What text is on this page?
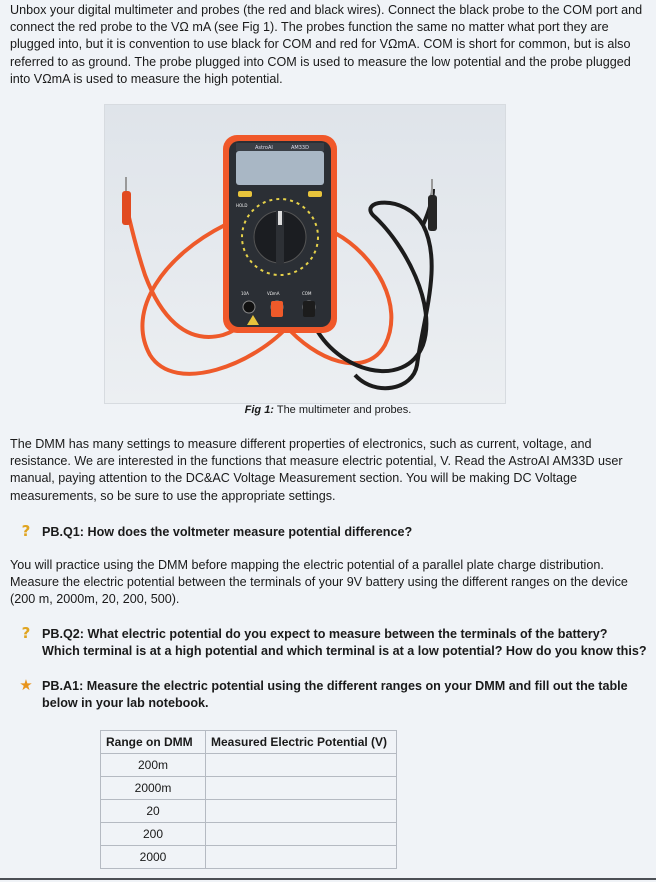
Unbox your digital multimeter and probes (the red and black wires). Connect the black probe to the COM port and connect the red probe to the VΩ mA (see Fig 1). The probes function the same no matter what port they are plugged into, but it is convention to use black for COM and red for VΩmA. COM is short for common, but is also referred to as ground. The probe plugged into COM is used to measure the low potential and the probe plugged into VΩmA is used to measure the high potential.

AstroAI	AM33D
HOLD
10A	VΩmA	COM
Fig 1: The multimeter and probes.

The DMM has many settings to measure different properties of electronics, such as current, voltage, and resistance. We are interested in the functions that measure electric potential, V. Read the AstroAI AM33D user manual, paying attention to the DC&AC Voltage Measurement section. You will be making DC Voltage measurements, so be sure to use the appropriate settings.

? PB.Q1: How does the voltmeter measure potential difference?

You will practice using the DMM before mapping the electric potential of a parallel plate charge distribution. Measure the electric potential between the terminals of your 9V battery using the different ranges on the device (200 m, 2000m, 20, 200, 500).

? PB.Q2: What electric potential do you expect to measure between the terminals of the battery? Which terminal is at a high potential and which terminal is at a low potential? How do you know this?
★ PB.A1: Measure the electric potential using the different ranges on your DMM and fill out the table below in your lab notebook.
Range on DMM	Measured Electric Potential (V)
200m	
2000m	
20	
200	
2000	
